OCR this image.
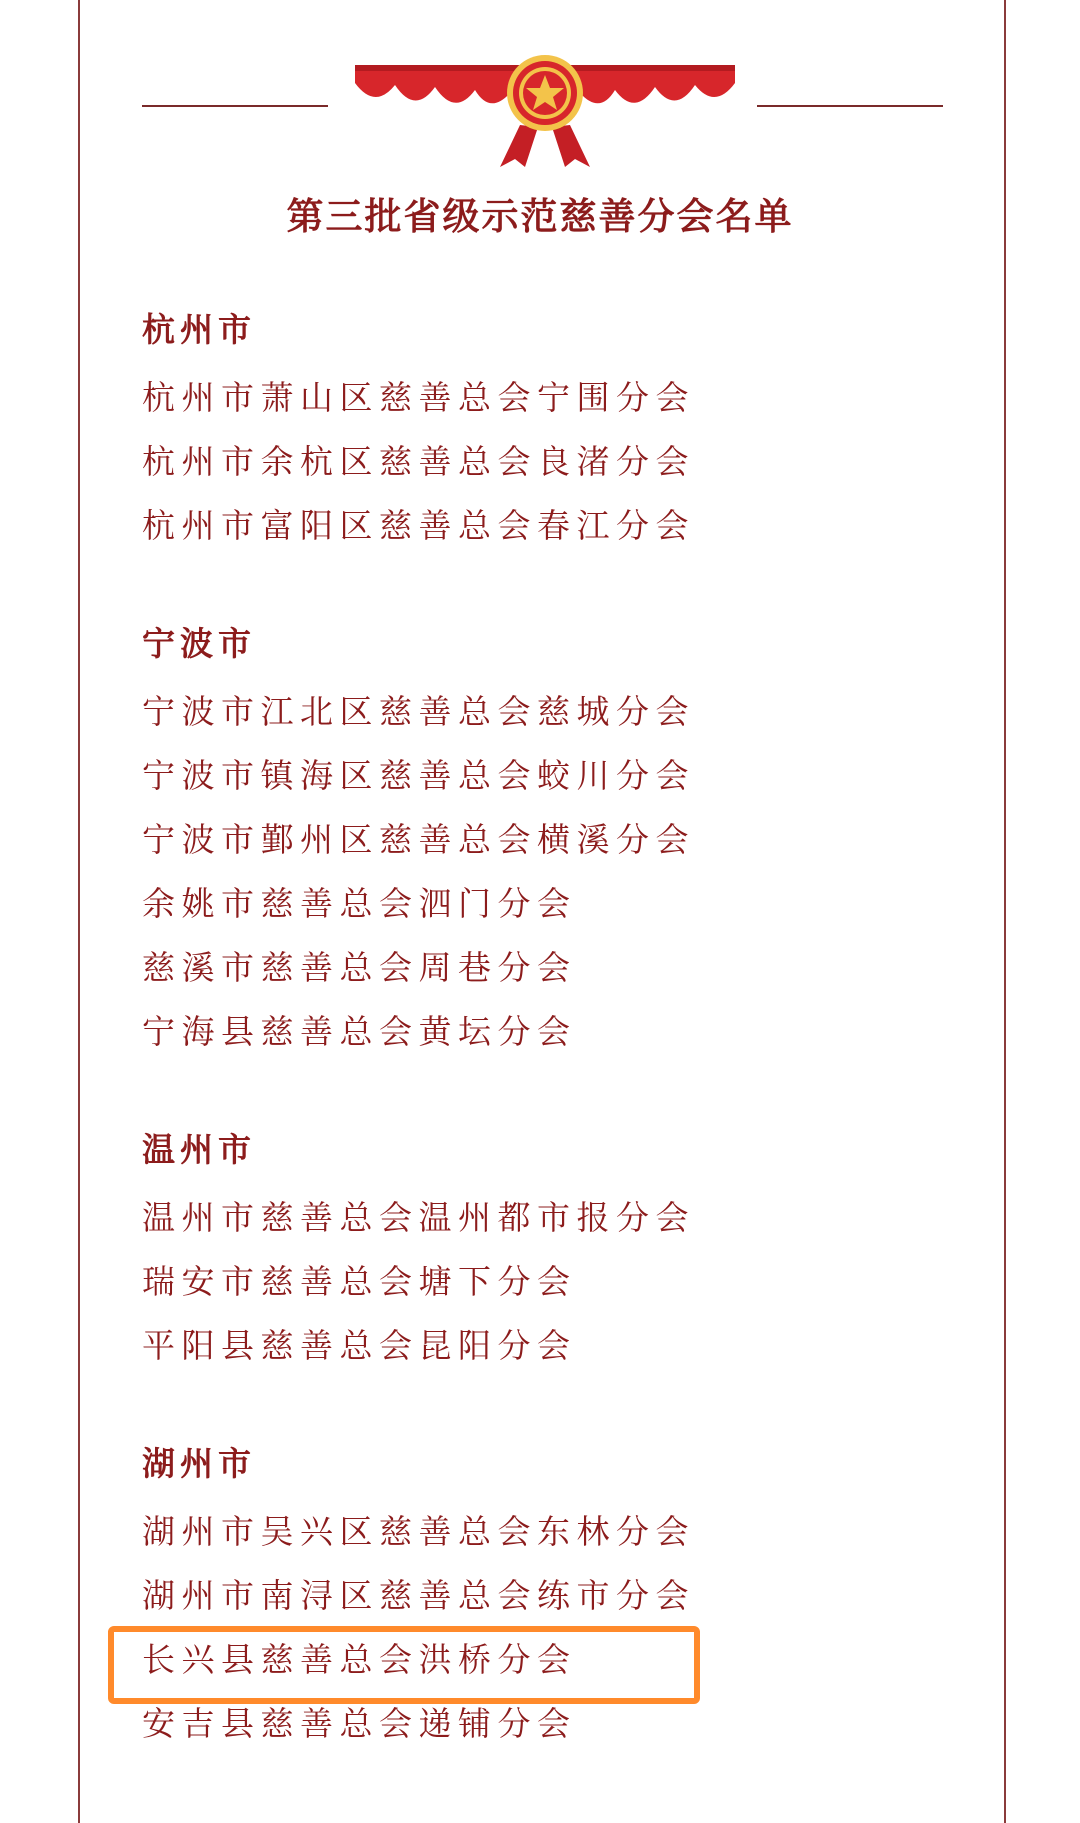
第三批省级示范慈善分会名单
杭州市
杭州市萧山区慈善总会宁围分会
杭州市余杭区慈善总会良渚分会
杭州市富阳区慈善总会春江分会
宁波市
宁波市江北区慈善总会慈城分会
宁波市镇海区慈善总会蛟川分会
宁波市鄞州区慈善总会横溪分会
余姚市慈善总会泗门分会
慈溪市慈善总会周巷分会
宁海县慈善总会黄坛分会
温州市
温州市慈善总会温州都市报分会
瑞安市慈善总会塘下分会
平阳县慈善总会昆阳分会
湖州市
湖州市吴兴区慈善总会东林分会
湖州市南浔区慈善总会练市分会
长兴县慈善总会洪桥分会
安吉县慈善总会递铺分会
